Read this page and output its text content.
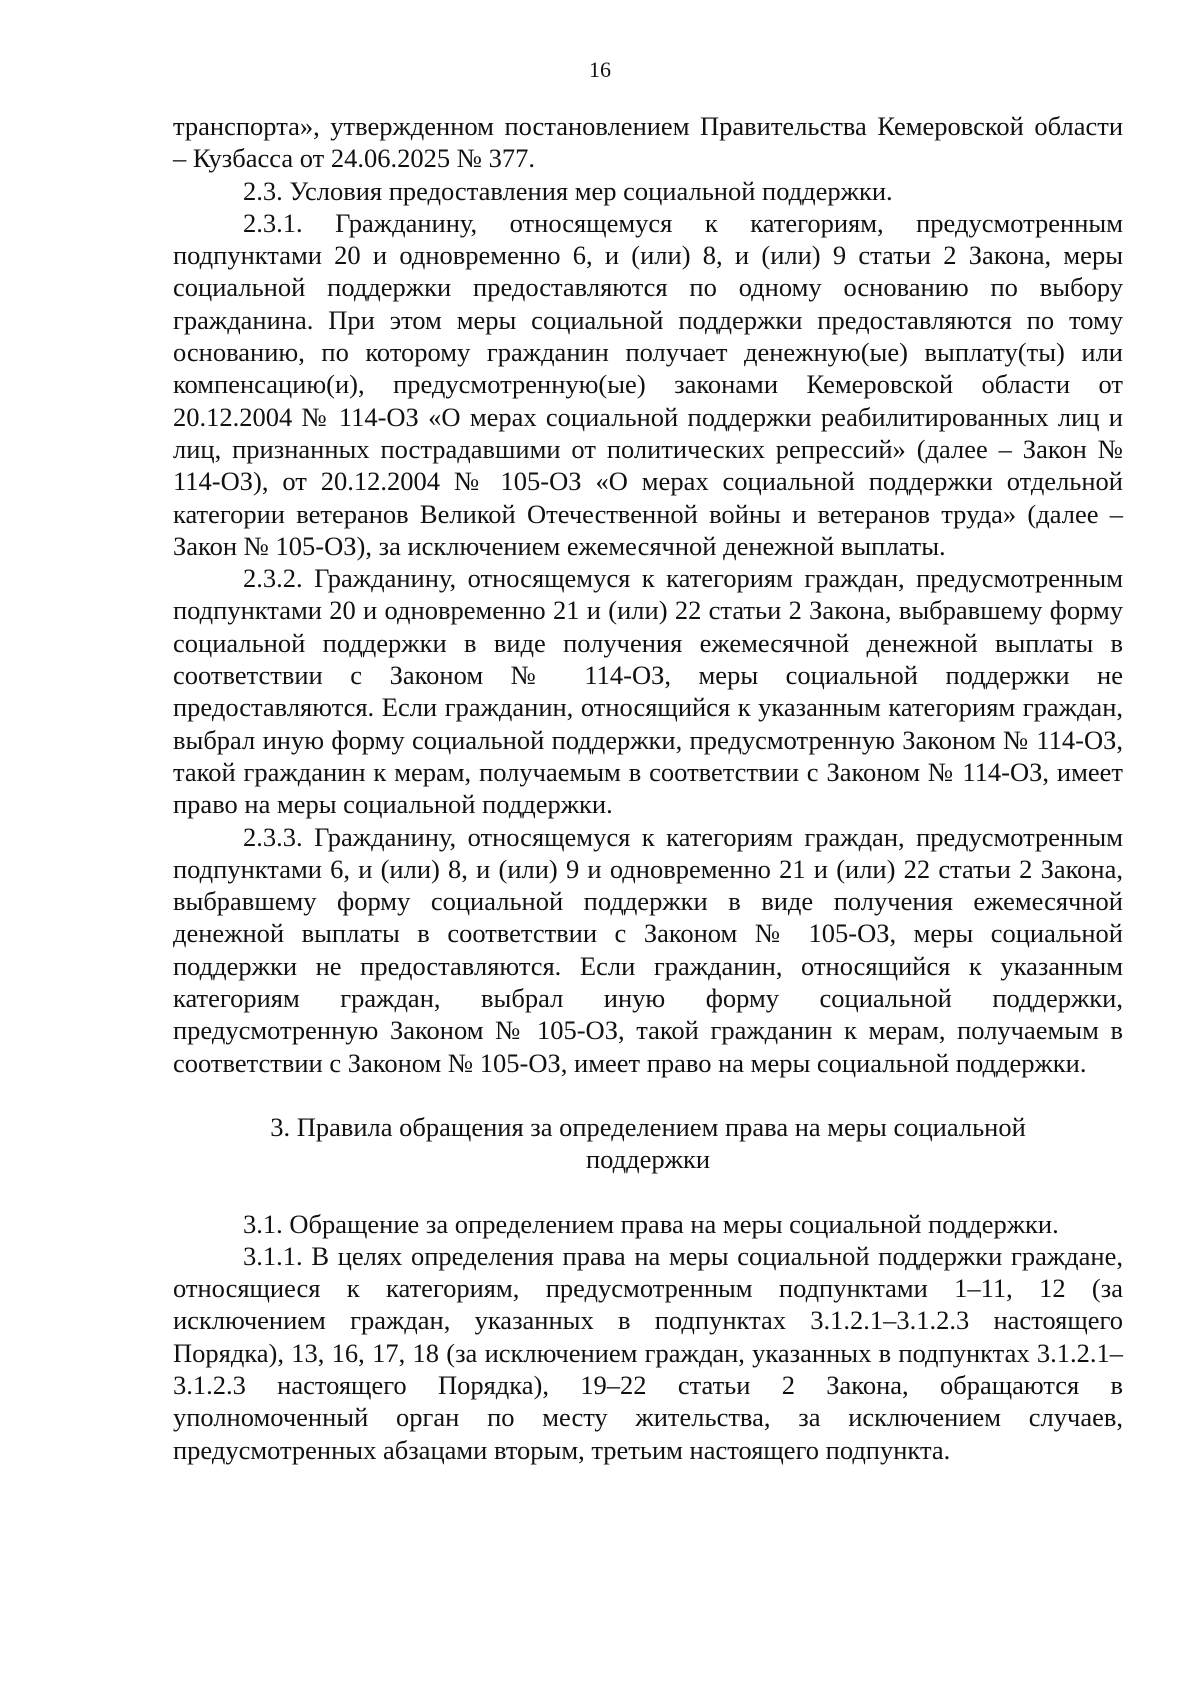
16

транспорта», утвержденном постановлением Правительства Кемеровской области – Кузбасса от 24.06.2025 № 377.

2.3. Условия предоставления мер социальной поддержки.

2.3.1. Гражданину, относящемуся к категориям, предусмотренным подпунктами 20 и одновременно 6, и (или) 8, и (или) 9 статьи 2 Закона, меры социальной поддержки предоставляются по одному основанию по выбору гражданина. При этом меры социальной поддержки предоставляются по тому основанию, по которому гражданин получает денежную(ые) выплату(ты) или компенсацию(и), предусмотренную(ые) законами Кемеровской области от 20.12.2004 № 114-ОЗ «О мерах социальной поддержки реабилитированных лиц и лиц, признанных пострадавшими от политических репрессий» (далее – Закон № 114-ОЗ), от 20.12.2004 № 105-ОЗ «О мерах социальной поддержки отдельной категории ветеранов Великой Отечественной войны и ветеранов труда» (далее – Закон № 105-ОЗ), за исключением ежемесячной денежной выплаты.

2.3.2. Гражданину, относящемуся к категориям граждан, предусмотренным подпунктами 20 и одновременно 21 и (или) 22 статьи 2 Закона, выбравшему форму социальной поддержки в виде получения ежемесячной денежной выплаты в соответствии с Законом № 114-ОЗ, меры социальной поддержки не предоставляются. Если гражданин, относящийся к указанным категориям граждан, выбрал иную форму социальной поддержки, предусмотренную Законом № 114-ОЗ, такой гражданин к мерам, получаемым в соответствии с Законом № 114-ОЗ, имеет право на меры социальной поддержки.

2.3.3. Гражданину, относящемуся к категориям граждан, предусмотренным подпунктами 6, и (или) 8, и (или) 9 и одновременно 21 и (или) 22 статьи 2 Закона, выбравшему форму социальной поддержки в виде получения ежемесячной денежной выплаты в соответствии с Законом № 105-ОЗ, меры социальной поддержки не предоставляются. Если гражданин, относящийся к указанным категориям граждан, выбрал иную форму социальной поддержки, предусмотренную Законом № 105-ОЗ, такой гражданин к мерам, получаемым в соответствии с Законом № 105-ОЗ, имеет право на меры социальной поддержки.

3. Правила обращения за определением права на меры социальной поддержки

3.1. Обращение за определением права на меры социальной поддержки.

3.1.1. В целях определения права на меры социальной поддержки граждане, относящиеся к категориям, предусмотренным подпунктами 1–11, 12 (за исключением граждан, указанных в подпунктах 3.1.2.1–3.1.2.3 настоящего Порядка), 13, 16, 17, 18 (за исключением граждан, указанных в подпунктах 3.1.2.1–3.1.2.3 настоящего Порядка), 19–22 статьи 2 Закона, обращаются в уполномоченный орган по месту жительства, за исключением случаев, предусмотренных абзацами вторым, третьим настоящего подпункта.
